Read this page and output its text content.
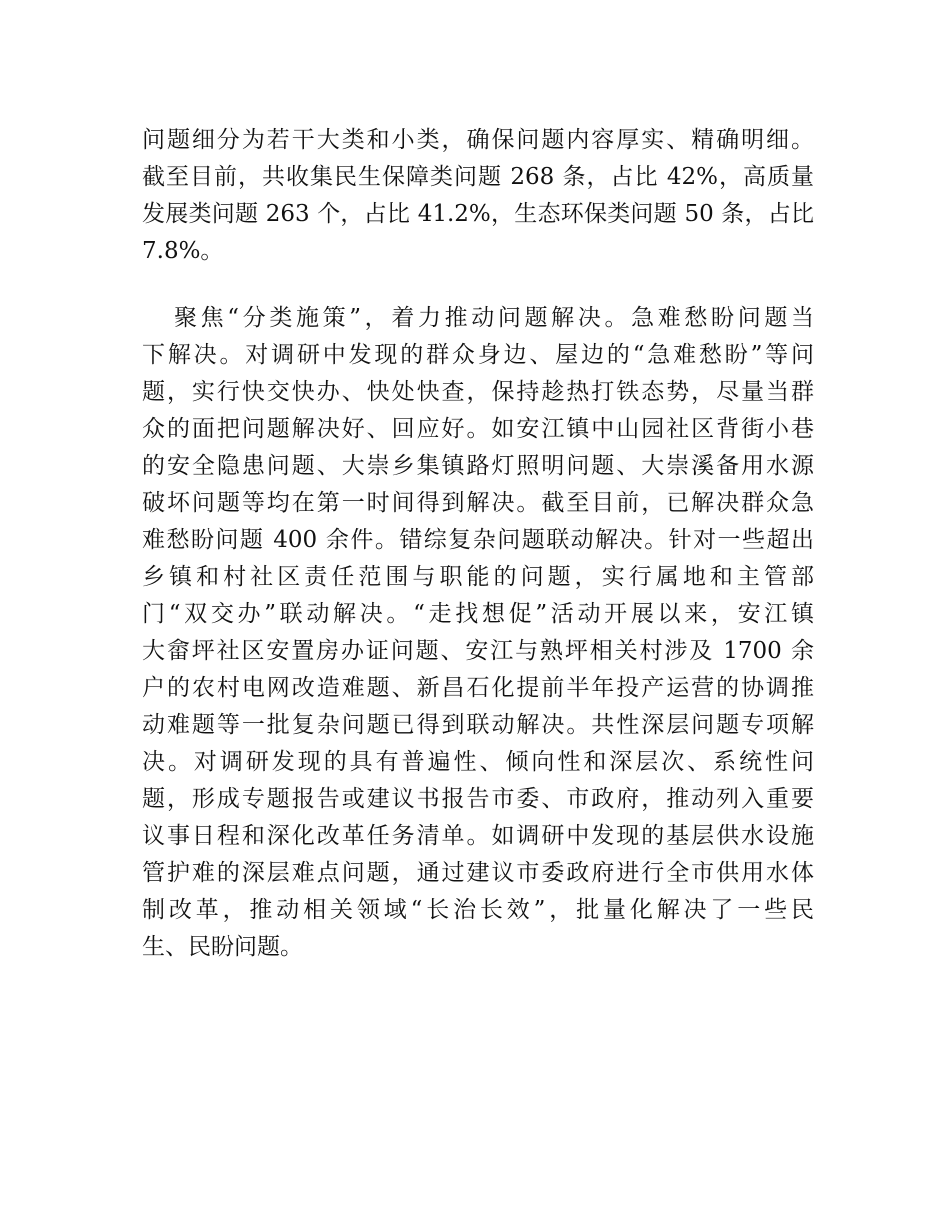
问题细分为若干大类和小类，确保问题内容厚实、精确明细。
截至目前，共收集民生保障类问题 268 条，占比 42%，高质量
发展类问题 263 个，占比 41.2%，生态环保类问题 50 条，占比
7.8%。
聚焦“分类施策”，着力推动问题解决。急难愁盼问题当
下解决。对调研中发现的群众身边、屋边的“急难愁盼”等问
题，实行快交快办、快处快查，保持趁热打铁态势，尽量当群
众的面把问题解决好、回应好。如安江镇中山园社区背街小巷
的安全隐患问题、大崇乡集镇路灯照明问题、大崇溪备用水源
破坏问题等均在第一时间得到解决。截至目前，已解决群众急
难愁盼问题 400 余件。错综复杂问题联动解决。针对一些超出
乡镇和村社区责任范围与职能的问题，实行属地和主管部
门“双交办”联动解决。“走找想促”活动开展以来，安江镇
大畲坪社区安置房办证问题、安江与熟坪相关村涉及 1700 余
户的农村电网改造难题、新昌石化提前半年投产运营的协调推
动难题等一批复杂问题已得到联动解决。共性深层问题专项解
决。对调研发现的具有普遍性、倾向性和深层次、系统性问
题，形成专题报告或建议书报告市委、市政府，推动列入重要
议事日程和深化改革任务清单。如调研中发现的基层供水设施
管护难的深层难点问题，通过建议市委政府进行全市供用水体
制改革，推动相关领域“长治长效”，批量化解决了一些民
生、民盼问题。
